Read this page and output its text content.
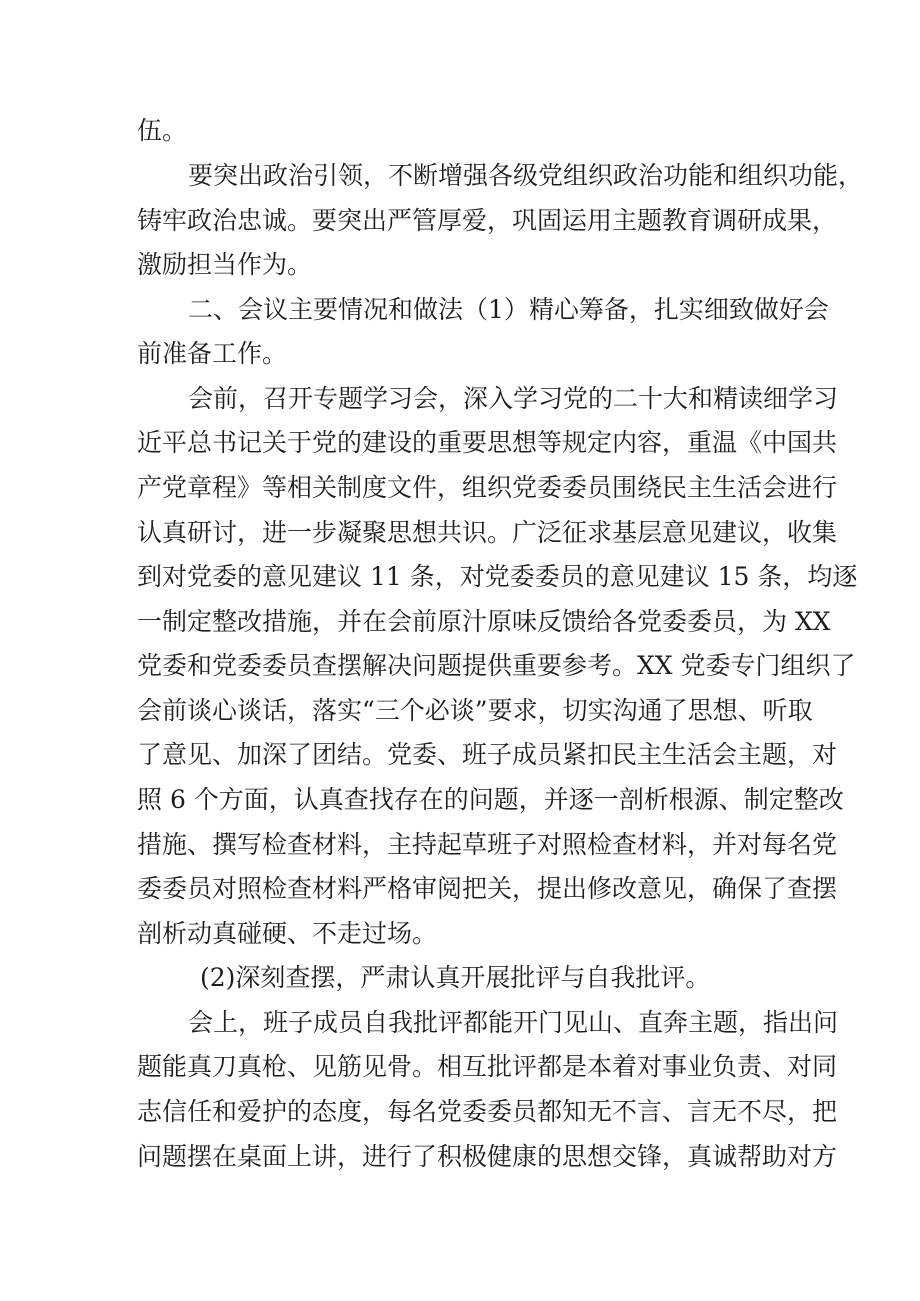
伍。
要突出政治引领，不断增强各级党组织政治功能和组织功能，
铸牢政治忠诚。要突出严管厚爱，巩固运用主题教育调研成果，
激励担当作为。
二、会议主要情况和做法（1）精心筹备，扎实细致做好会
前准备工作。
会前，召开专题学习会，深入学习党的二十大和精读细学习
近平总书记关于党的建设的重要思想等规定内容，重温《中国共
产党章程》等相关制度文件，组织党委委员围绕民主生活会进行
认真研讨，进一步凝聚思想共识。广泛征求基层意见建议，收集
到对党委的意见建议 11 条，对党委委员的意见建议 15 条，均逐
一制定整改措施，并在会前原汁原味反馈给各党委委员，为 XX
党委和党委委员查摆解决问题提供重要参考。XX 党委专门组织了
会前谈心谈话，落实“三个必谈”要求，切实沟通了思想、听取
了意见、加深了团结。党委、班子成员紧扣民主生活会主题，对
照 6 个方面，认真查找存在的问题，并逐一剖析根源、制定整改
措施、撰写检查材料，主持起草班子对照检查材料，并对每名党
委委员对照检查材料严格审阅把关，提出修改意见，确保了查摆
剖析动真碰硬、不走过场。
(2)深刻查摆，严肃认真开展批评与自我批评。
会上，班子成员自我批评都能开门见山、直奔主题，指出问
题能真刀真枪、见筋见骨。相互批评都是本着对事业负责、对同
志信任和爱护的态度，每名党委委员都知无不言、言无不尽，把
问题摆在桌面上讲，进行了积极健康的思想交锋，真诚帮助对方
